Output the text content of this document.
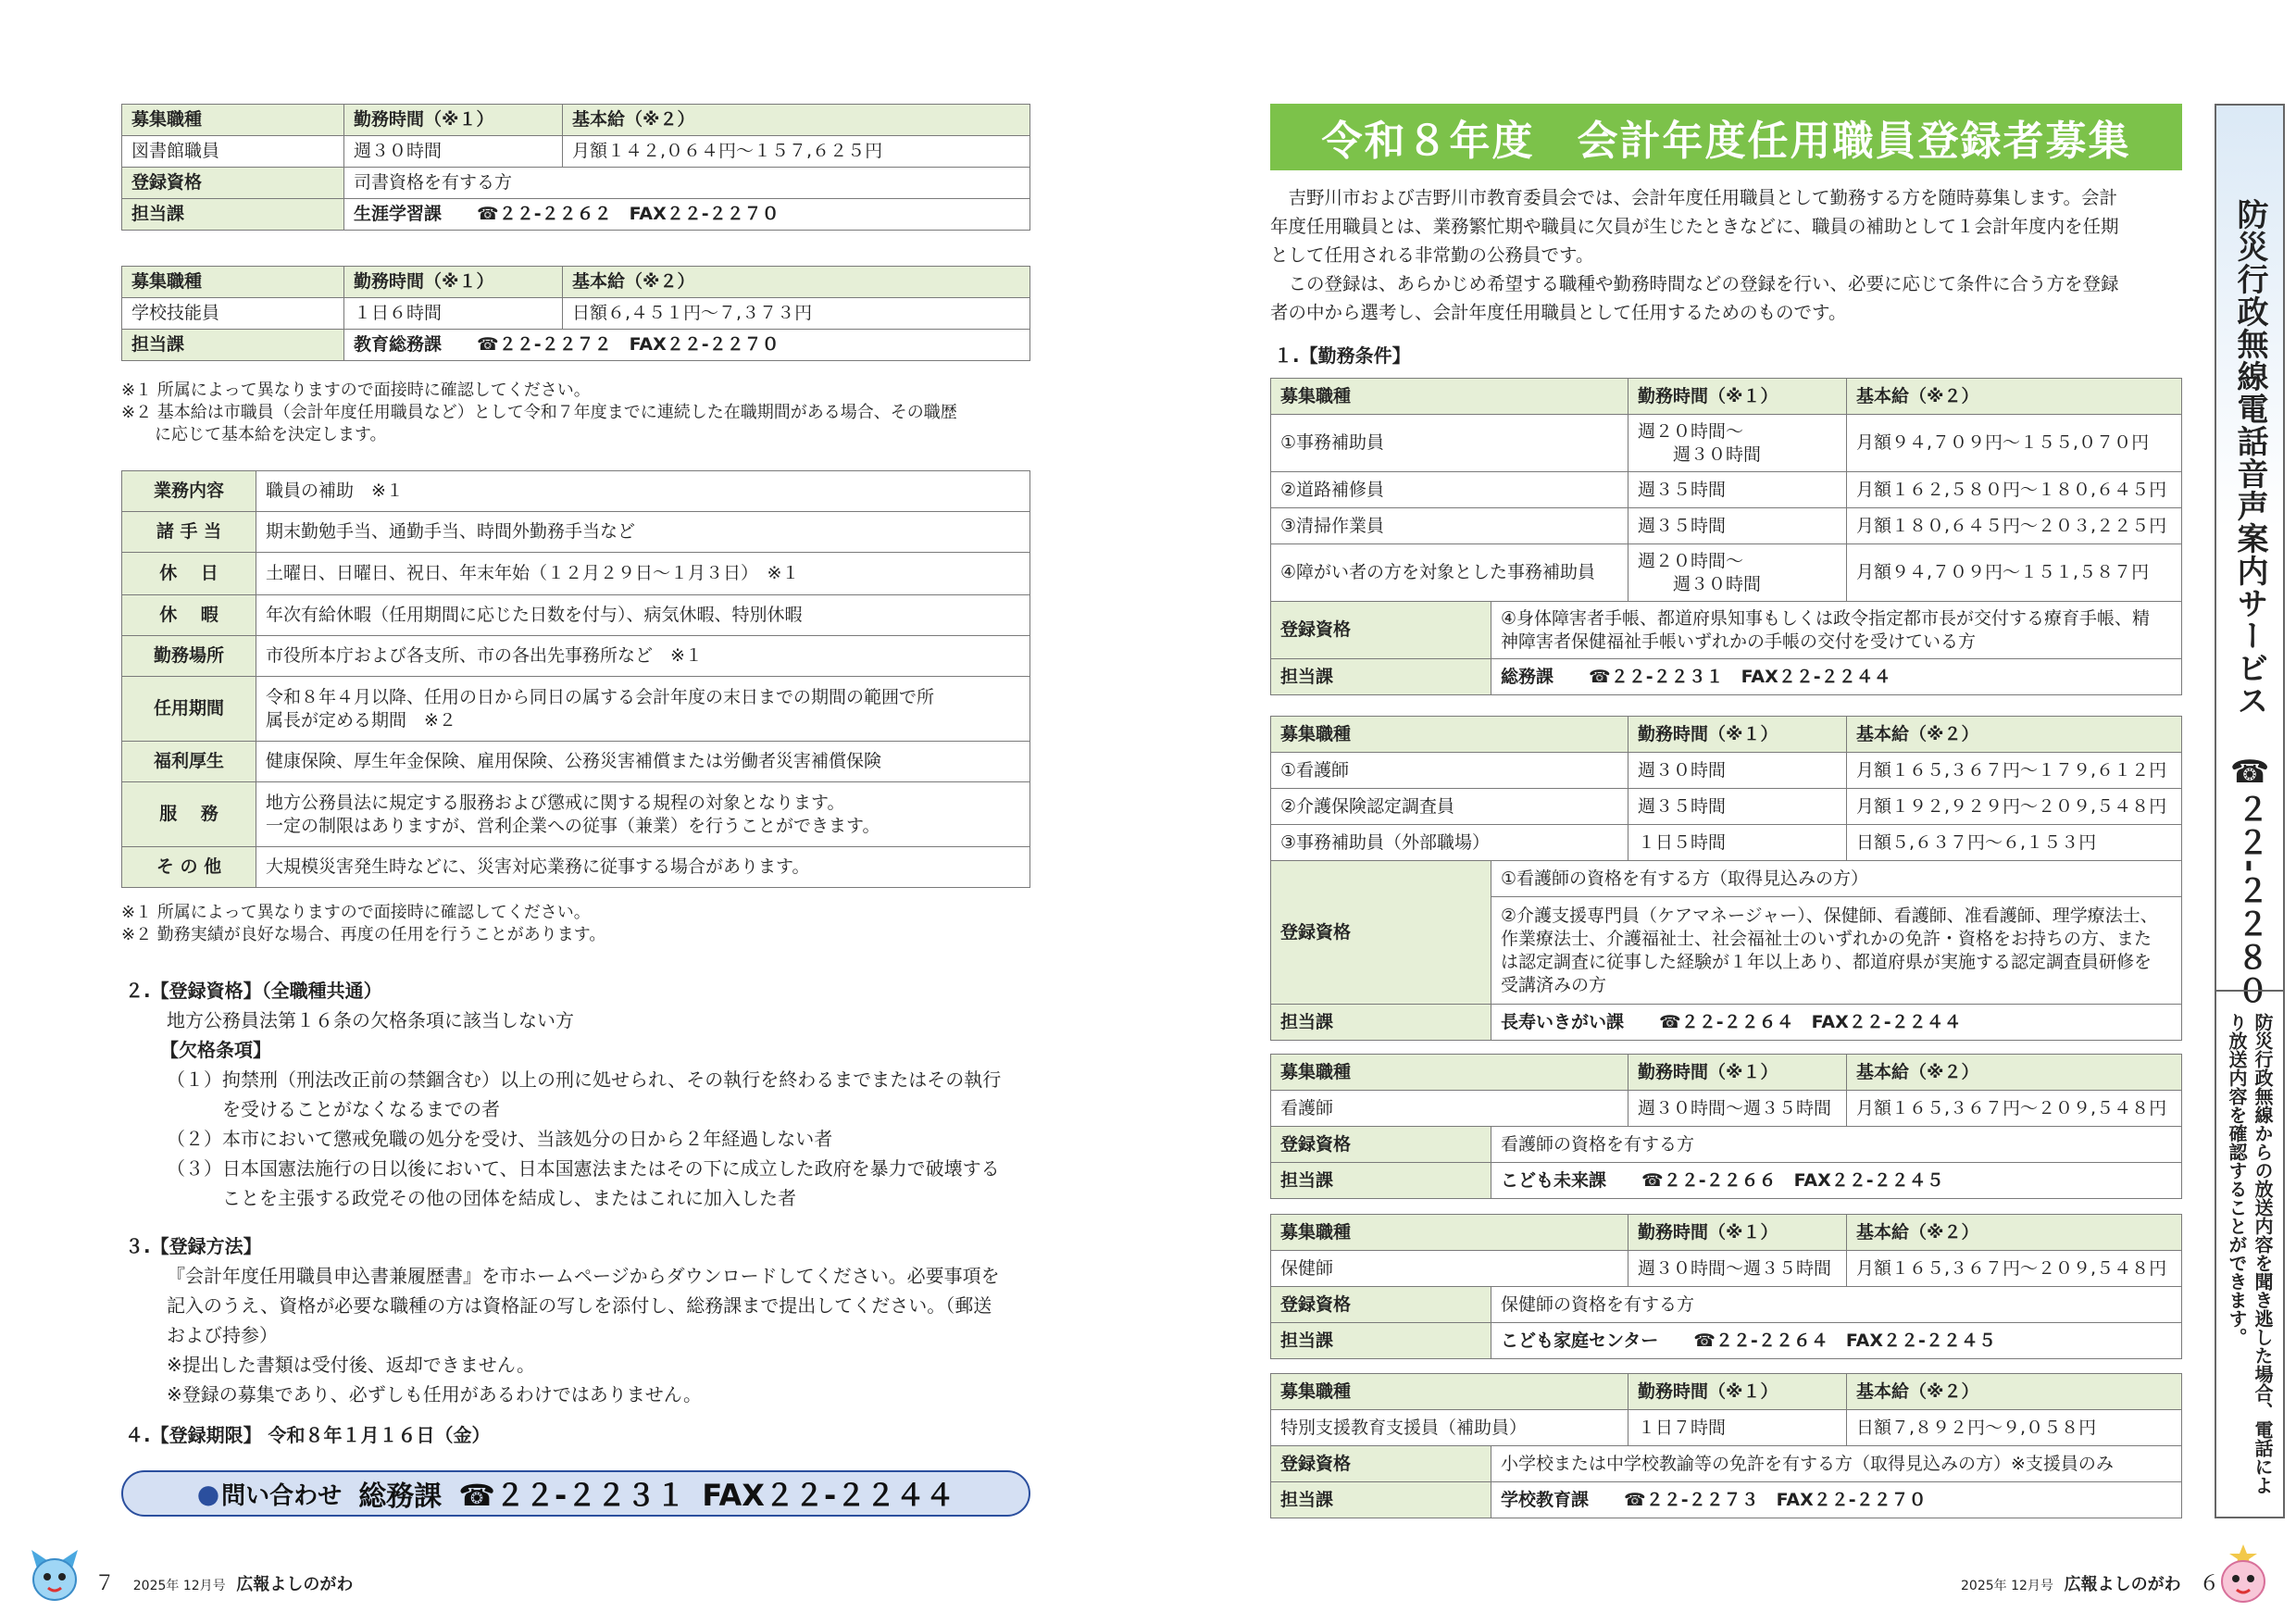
募集職種	勤務時間（※１）	基本給（※２）
図書館職員	週３０時間	月額１４２,０６４円～１５７,６２５円
登録資格	司書資格を有する方	
担当課	生涯学習課　　 ☎２２-２２６２　FAX２２-２２７０	
募集職種	勤務時間（※１）	基本給（※２）
学校技能員	１日６時間	日額６,４５１円～７,３７３円
担当課	教育総務課　　 ☎２２-２２７２　FAX２２-２２７０	
※１ 所属によって異なりますので面接時に確認してください。
※２ 基本給は市職員（会計年度任用職員など）として令和７年度までに連続した在職期間がある場合、その職歴
　　に応じて基本給を決定します。
業務内容	職員の補助　※１
諸 手 当	期末勤勉手当、通勤手当、時間外勤務手当など
休　 日	土曜日、日曜日、祝日、年末年始（１２月２９日～１月３日）　※１
休　 暇	年次有給休暇（任用期間に応じた日数を付与）、病気休暇、特別休暇
勤務場所	市役所本庁および各支所、市の各出先事務所など　※１
任用期間	令和８年４月以降、任用の日から同日の属する会計年度の末日までの期間の範囲で所
属長が定める期間　※２

福利厚生	健康保険、厚生年金保険、雇用保険、公務災害補償または労働者災害補償保険
服　 務	地方公務員法に規定する服務および懲戒に関する規程の対象となります。
一定の制限はありますが、営利企業への従事（兼業）を行うことができます。

そ の 他	大規模災害発生時などに、災害対応業務に従事する場合があります。
※１ 所属によって異なりますので面接時に確認してください。
※２ 勤務実績が良好な場合、再度の任用を行うことがあります。
２.【登録資格】（全職種共通）
地方公務員法第１６条の欠格条項に該当しない方
【欠格条項】
（１）拘禁刑（刑法改正前の禁錮含む）以上の刑に処せられ、その執行を終わるまでまたはその執行
　　　を受けることがなくなるまでの者
（２）本市において懲戒免職の処分を受け、当該処分の日から２年経過しない者
（３）日本国憲法施行の日以後において、日本国憲法またはその下に成立した政府を暴力で破壊する
　　　ことを主張する政党その他の団体を結成し、またはこれに加入した者
３.【登録方法】
『会計年度任用職員申込書兼履歴書』を市ホームページからダウンロードしてください。必要事項を
記入のうえ、資格が必要な職種の方は資格証の写しを添付し、総務課まで提出してください。（郵送
および持参）
※提出した書類は受付後、返却できません。
※登録の募集であり、必ずしも任用があるわけではありません。
４.【登録期限】 令和８年１月１６日（金）
● 問い合わせ 総務課 ☎２２-２２３１ FAX２２-２２４４
７ 2025年 12月号 広報よしのがわ
令和８年度　会計年度任用職員登録者募集
　吉野川市および吉野川市教育委員会では、会計年度任用職員として勤務する方を随時募集します。会計
年度任用職員とは、業務繁忙期や職員に欠員が生じたときなどに、職員の補助として１会計年度内を任期
として任用される非常勤の公務員です。
　この登録は、あらかじめ希望する職種や勤務時間などの登録を行い、必要に応じて条件に合う方を登録
者の中から選考し、会計年度任用職員として任用するためのものです。
１.【勤務条件】
募集職種		勤務時間（※１）	基本給（※２）
①事務補助員		週２０時間～
　　週３０時間	月額９４,７０９円～１５５,０７０円
②道路補修員		週３５時間	月額１６２,５８０円～１８０,６４５円
③清掃作業員		週３５時間	月額１８０,６４５円～２０３,２２５円
④障がい者の方を対象とした事務補助員		週２０時間～
　　週３０時間	月額９４,７０９円～１５１,５８７円
登録資格	④身体障害者手帳、都道府県知事もしくは政令指定都市長が交付する療育手帳、精
神障害者保健福祉手帳いずれかの手帳の交付を受けている方		

担当課	総務課　　 ☎２２-２２３１　FAX２２-２２４４		
募集職種		勤務時間（※１）	基本給（※２）
①看護師		週３０時間	月額１６５,３６７円～１７９,６１２円
②介護保険認定調査員		週３５時間	月額１９２,９２９円～２０９,５４８円
③事務補助員（外部職場）		１日５時間	日額５,６３７円～６,１５３円
登録資格	①看護師の資格を有する方（取得見込みの方）		

	②介護支援専門員（ケアマネージャー）、保健師、看護師、准看護師、理学療法士、
作業療法士、介護福祉士、社会福祉士のいずれかの免許・資格をお持ちの方、また
は認定調査に従事した経験が１年以上あり、都道府県が実施する認定調査員研修を
受講済みの方		

担当課	長寿いきがい課　　 ☎２２-２２６４　FAX２２-２２４４		
募集職種		勤務時間（※１）	基本給（※２）
看護師		週３０時間～週３５時間	月額１６５,３６７円～２０９,５４８円
登録資格	看護師の資格を有する方		
担当課	こども未来課　　 ☎２２-２２６６　FAX２２-２２４５		
募集職種		勤務時間（※１）	基本給（※２）
保健師		週３０時間～週３５時間	月額１６５,３６７円～２０９,５４８円
登録資格	保健師の資格を有する方		
担当課	こども家庭センター　　 ☎２２-２２６４　FAX２２-２２４５		
募集職種		勤務時間（※１）	基本給（※２）
特別支援教育支援員（補助員）		１日７時間	日額７,８９２円～９,０５８円
登録資格	小学校または中学校教諭等の免許を有する方（取得見込みの方）※支援員のみ		
担当課	学校教育課　　 ☎２２-２２７３　FAX２２-２２７０		
防災行政無線電話音声案内サービス
☎２２-２２８０
防災行政無線からの放送内容を聞き逃した場合、電話により放送内容を確認することができます。
2025年 12月号 広報よしのがわ ６
